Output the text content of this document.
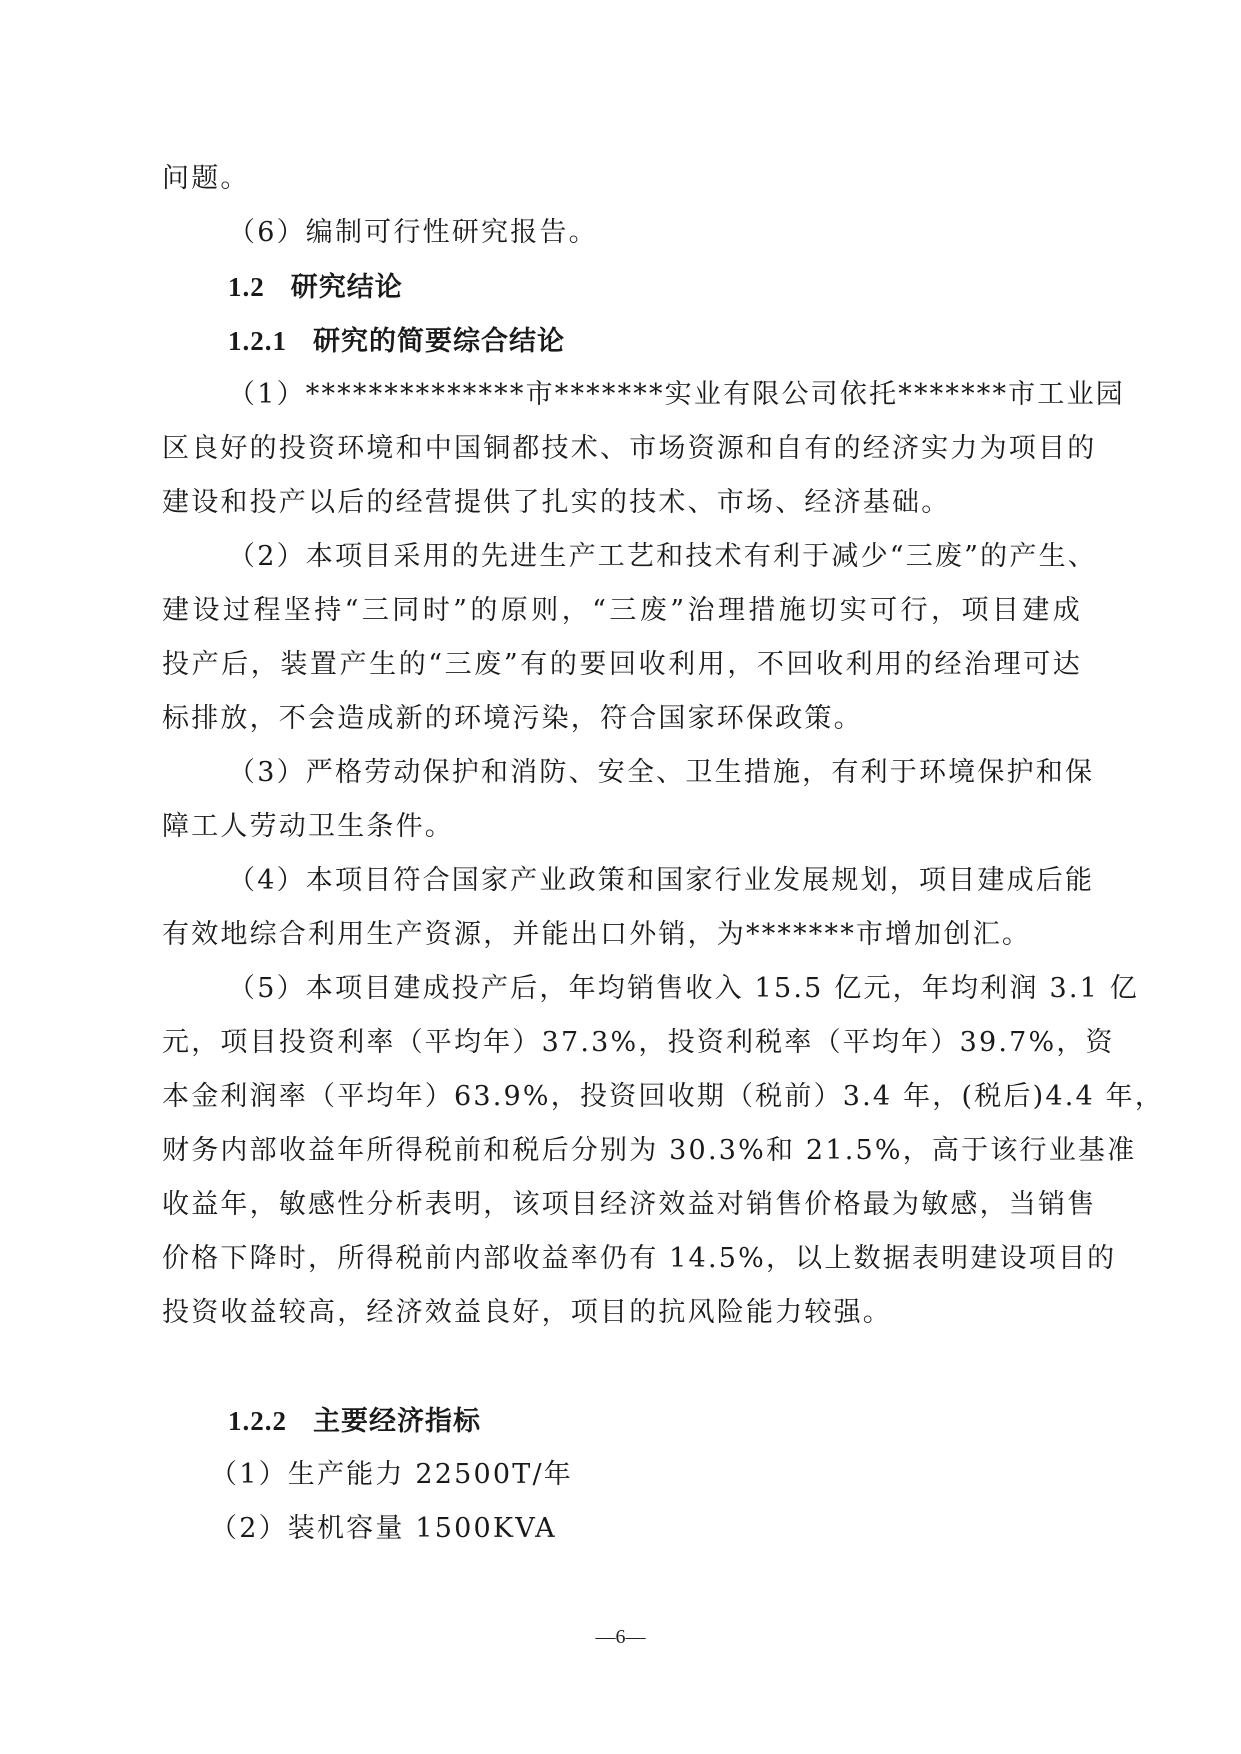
问题。
（6）编制可行性研究报告。
1.2 研究结论
1.2.1 研究的简要综合结论
（1）**************市*******实业有限公司依托*******市工业园
区良好的投资环境和中国铜都技术、市场资源和自有的经济实力为项目的
建设和投产以后的经营提供了扎实的技术、市场、经济基础。
（2）本项目采用的先进生产工艺和技术有利于减少“三废”的产生、
建设过程坚持“三同时”的原则，“三废”治理措施切实可行，项目建成
投产后，装置产生的“三废”有的要回收利用，不回收利用的经治理可达
标排放，不会造成新的环境污染，符合国家环保政策。
（3）严格劳动保护和消防、安全、卫生措施，有利于环境保护和保
障工人劳动卫生条件。
（4）本项目符合国家产业政策和国家行业发展规划，项目建成后能
有效地综合利用生产资源，并能出口外销，为*******市增加创汇。
（5）本项目建成投产后，年均销售收入 15.5 亿元，年均利润 3.1 亿
元，项目投资利率（平均年）37.3%，投资利税率（平均年）39.7%，资
本金利润率（平均年）63.9%，投资回收期（税前）3.4 年，(税后)4.4 年，
财务内部收益年所得税前和税后分别为 30.3%和 21.5%，高于该行业基准
收益年，敏感性分析表明，该项目经济效益对销售价格最为敏感，当销售
价格下降时，所得税前内部收益率仍有 14.5%，以上数据表明建设项目的
投资收益较高，经济效益良好，项目的抗风险能力较强。
1.2.2 主要经济指标
（1）生产能力 22500T/年
（2）装机容量 1500KVA
—6—
